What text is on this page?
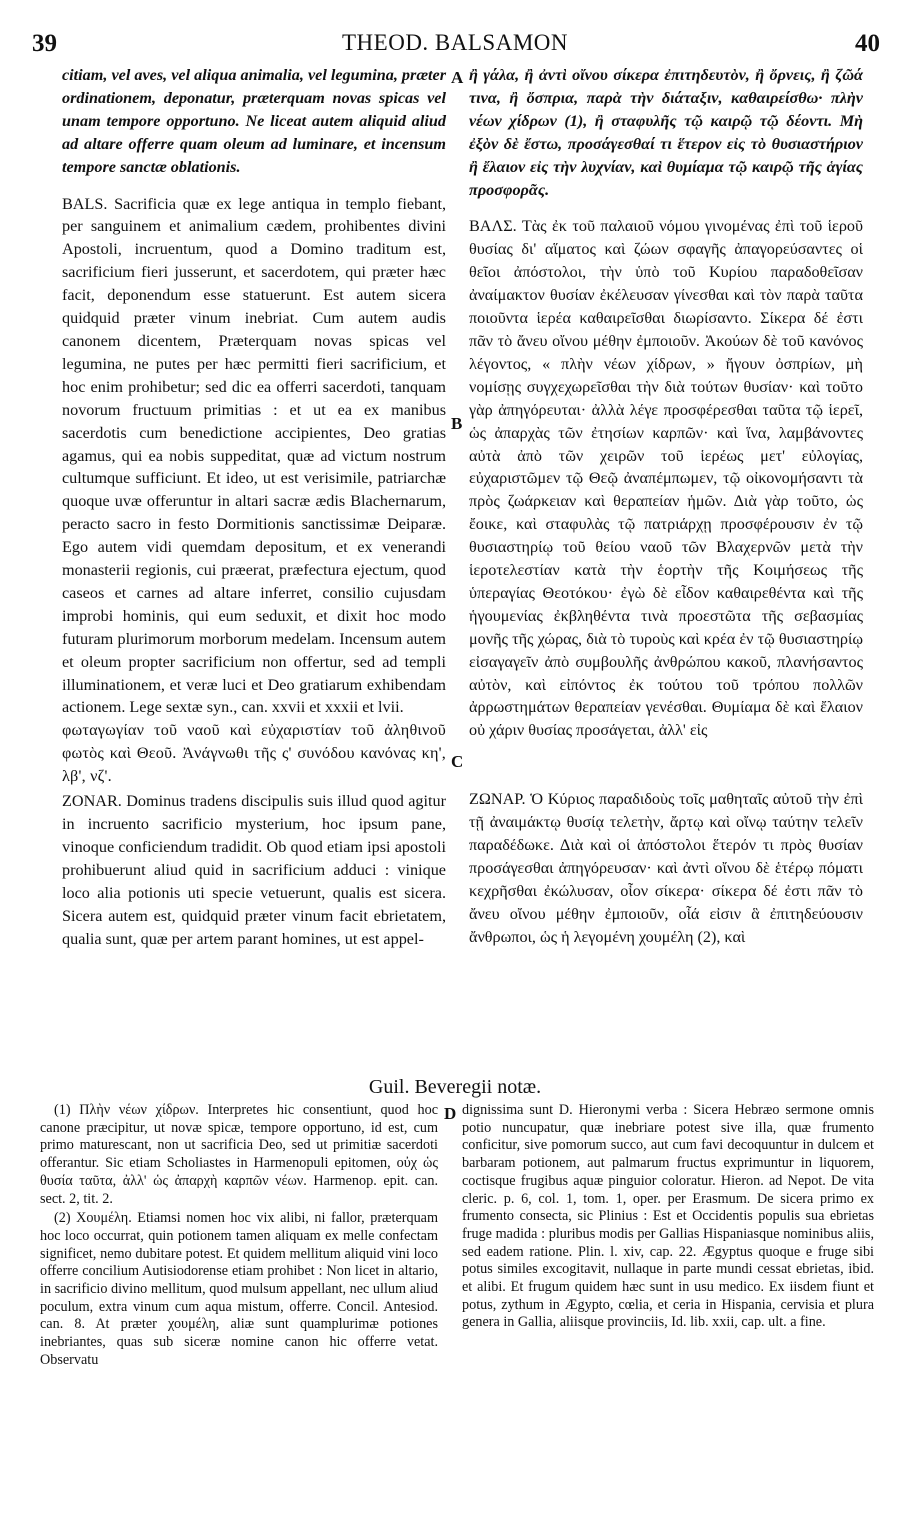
39	THEOD. BALSAMON	40

citiam, vel aves, vel aliqua animalia, vel legumina, præter ordinationem, deponatur, præterquam novas spicas vel unam tempore opportuno. Ne liceat autem aliquid aliud ad altare offerre quam oleum ad luminare, et incensum tempore sanctæ oblationis.

BALS. Sacrificia quæ ex lege antiqua in templo fiebant, per sanguinem et animalium cædem, prohibentes divini Apostoli, incruentum, quod a Domino traditum est, sacrificium fieri jusserunt, et sacerdotem, qui præter hæc facit, deponendum esse statuerunt. Est autem sicera quidquid præter vinum inebriat. Cum autem audis canonem dicentem, Præterquam novas spicas vel legumina, ne putes per hæc permitti fieri sacrificium, et hoc enim prohibetur; sed dic ea offerri sacerdoti, tanquam novorum fructuum primitias : et ut ea ex manibus sacerdotis cum benedictione accipientes, Deo gratias agamus, qui ea nobis suppeditat, quæ ad victum nostrum cultumque sufficiunt. Et ideo, ut est verisimile, patriarchæ quoque uvæ offeruntur in altari sacræ ædis Blachernarum, peracto sacro in festo Dormitionis sanctissimæ Deiparæ. Ego autem vidi quemdam depositum, et ex venerandi monasterii regionis, cui præerat, præfectura ejectum, quod caseos et carnes ad altare inferret, consilio cujusdam improbi hominis, qui eum seduxit, et dixit hoc modo futuram plurimorum morborum medelam. Incensum autem et oleum propter sacrificium non offertur, sed ad templi illuminationem, et veræ luci et Deo gratiarum exhibendam actionem. Lege sextæ syn., can. xxvii et xxxii et lvii.

φωταγωγίαν τοῦ ναοῦ καὶ εὐχαριστίαν τοῦ ἀληθινοῦ φωτὸς καὶ Θεοῦ. Ἀνάγνωθι τῆς ς' συνόδου κανόνας κη', λβ', νζ'.

ZONAR. Dominus tradens discipulis suis illud quod agitur in incruento sacrificio mysterium, hoc ipsum pane, vinoque conficiendum tradidit. Ob quod etiam ipsi apostoli prohibuerunt aliud quid in sacrificium adduci : vinique loco alia potionis uti specie vetuerunt, qualis est sicera. Sicera autem est, quidquid præter vinum facit ebrietatem, qualia sunt, quæ per artem parant homines, ut est appel-

ἢ γάλα, ἢ ἀντὶ οἴνου σίκερα ἐπιτηδευτὸν, ἢ ὄρνεις, ἢ ζῶά τινα, ἢ ὄσπρια, παρὰ τὴν διάταξιν, καθαιρείσθω· πλὴν νέων χίδρων (1), ἢ σταφυλῆς τῷ καιρῷ τῷ δέοντι. Μὴ ἐξὸν δὲ ἔστω, προσάγεσθαί τι ἕτερον εἰς τὸ θυσιαστήριον ἢ ἔλαιον εἰς τὴν λυχνίαν, καὶ θυμίαμα τῷ καιρῷ τῆς ἁγίας προσφορᾶς.

ΒΑΛΣ. Τὰς ἐκ τοῦ παλαιοῦ νόμου γινομένας ἐπὶ τοῦ ἱεροῦ θυσίας δι' αἵματος καὶ ζώων σφαγῆς ἀπαγορεύσαντες οἱ θεῖοι ἀπόστολοι, τὴν ὑπὸ τοῦ Κυρίου παραδοθεῖσαν ἀναίμακτον θυσίαν ἐκέλευσαν γίνεσθαι καὶ τὸν παρὰ ταῦτα ποιοῦντα ἱερέα καθαιρεῖσθαι διωρίσαντο. Σίκερα δέ ἐστι πᾶν τὸ ἄνευ οἴνου μέθην ἐμποιοῦν. Ἀκούων δὲ τοῦ κανόνος λέγοντος, « πλὴν νέων χίδρων, » ἤγουν ὀσπρίων, μὴ νομίσῃς συγχεχωρεῖσθαι τὴν διὰ τούτων θυσίαν· καὶ τοῦτο γὰρ ἀπηγόρευται· ἀλλὰ λέγε προσφέρεσθαι ταῦτα τῷ ἱερεῖ, ὡς ἀπαρχὰς τῶν ἐτησίων καρπῶν· καὶ ἵνα, λαμβάνοντες αὐτὰ ἀπὸ τῶν χειρῶν τοῦ ἱερέως μετ' εὐλογίας, εὐχαριστῶμεν τῷ Θεῷ ἀναπέμπωμεν, τῷ οἰκονομήσαντι τὰ πρὸς ζωάρκειαν καὶ θεραπείαν ἡμῶν. Διὰ γὰρ τοῦτο, ὡς ἔοικε, καὶ σταφυλὰς τῷ πατριάρχῃ προσφέρουσιν ἐν τῷ θυσιαστηρίῳ τοῦ θείου ναοῦ τῶν Βλαχερνῶν μετὰ τὴν ἱεροτελεστίαν κατὰ τὴν ἑορτὴν τῆς Κοιμήσεως τῆς ὑπεραγίας Θεοτόκου· ἐγὼ δὲ εἶδον καθαιρεθέντα καὶ τῆς ἡγουμενίας ἐκβληθέντα τινὰ προεστῶτα τῆς σεβασμίας μονῆς τῆς χώρας, διὰ τὸ τυροὺς καὶ κρέα ἐν τῷ θυσιαστηρίῳ εἰσαγαγεῖν ἀπὸ συμβουλῆς ἀνθρώπου κακοῦ, πλανήσαντος αὐτὸν, καὶ εἰπόντος ἐκ τούτου τοῦ τρόπου πολλῶν ἀρρωστημάτων θεραπείαν γενέσθαι. Θυμίαμα δὲ καὶ ἔλαιον οὐ χάριν θυσίας προσάγεται, ἀλλ' εἰς

ΖΩΝΑΡ. Ὁ Κύριος παραδιδοὺς τοῖς μαθηταῖς αὐτοῦ τὴν ἐπὶ τῇ ἀναιμάκτῳ θυσίᾳ τελετὴν, ἄρτῳ καὶ οἴνῳ ταύτην τελεῖν παραδέδωκε. Διὰ καὶ οἱ ἀπόστολοι ἕτερόν τι πρὸς θυσίαν προσάγεσθαι ἀπηγόρευσαν· καὶ ἀντὶ οἴνου δὲ ἑτέρῳ πόματι κεχρῆσθαι ἐκώλυσαν, οἷον σίκερα· σίκερα δέ ἐστι πᾶν τὸ ἄνευ οἴνου μέθην ἐμποιοῦν, οἷά εἰσιν ἃ ἐπιτηδεύουσιν ἄνθρωποι, ὡς ἡ λεγομένη χουμέλη (2), καὶ

A
B
C
D
Guil. Beveregii notæ.

(1) Πλὴν νέων χίδρων. Interpretes hic consentiunt, quod hoc canone præcipitur, ut novæ spicæ, tempore opportuno, id est, cum primo maturescant, non ut sacrificia Deo, sed ut primitiæ sacerdoti offerantur. Sic etiam Scholiastes in Harmenopuli epitomen, οὐχ ὡς θυσία ταῦτα, ἀλλ' ὡς ἀπαρχὴ καρπῶν νέων. Harmenop. epit. can. sect. 2, tit. 2.

(2) Χουμέλη. Etiamsi nomen hoc vix alibi, ni fallor, præterquam hoc loco occurrat, quin potionem tamen aliquam ex melle confectam significet, nemo dubitare potest. Et quidem mellitum aliquid vini loco offerre concilium Autisiodorense etiam prohibet : Non licet in altario, in sacrificio divino mellitum, quod mulsum appellant, nec ullum aliud poculum, extra vinum cum aqua mistum, offerre. Concil. Antesiod. can. 8. At præter χουμέλη, aliæ sunt quamplurimæ potiones inebriantes, quas sub siceræ nomine canon hic offerre vetat. Observatu

dignissima sunt D. Hieronymi verba : Sicera Hebræo sermone omnis potio nuncupatur, quæ inebriare potest sive illa, quæ frumento conficitur, sive pomorum succo, aut cum favi decoquuntur in dulcem et barbaram potionem, aut palmarum fructus exprimuntur in liquorem, coctisque frugibus aquæ pinguior coloratur. Hieron. ad Nepot. De vita cleric. p. 6, col. 1, tom. 1, oper. per Erasmum. De sicera primo ex frumento consecta, sic Plinius : Est et Occidentis populis sua ebrietas fruge madida : pluribus modis per Gallias Hispaniasque nominibus aliis, sed eadem ratione. Plin. l. xiv, cap. 22. Ægyptus quoque e fruge sibi potus similes excogitavit, nullaque in parte mundi cessat ebrietas, ibid. et alibi. Et frugum quidem hæc sunt in usu medico. Ex iisdem fiunt et potus, zythum in Ægypto, cœlia, et ceria in Hispania, cervisia et plura genera in Gallia, aliisque provinciis, Id. lib. xxii, cap. ult. a fine.
